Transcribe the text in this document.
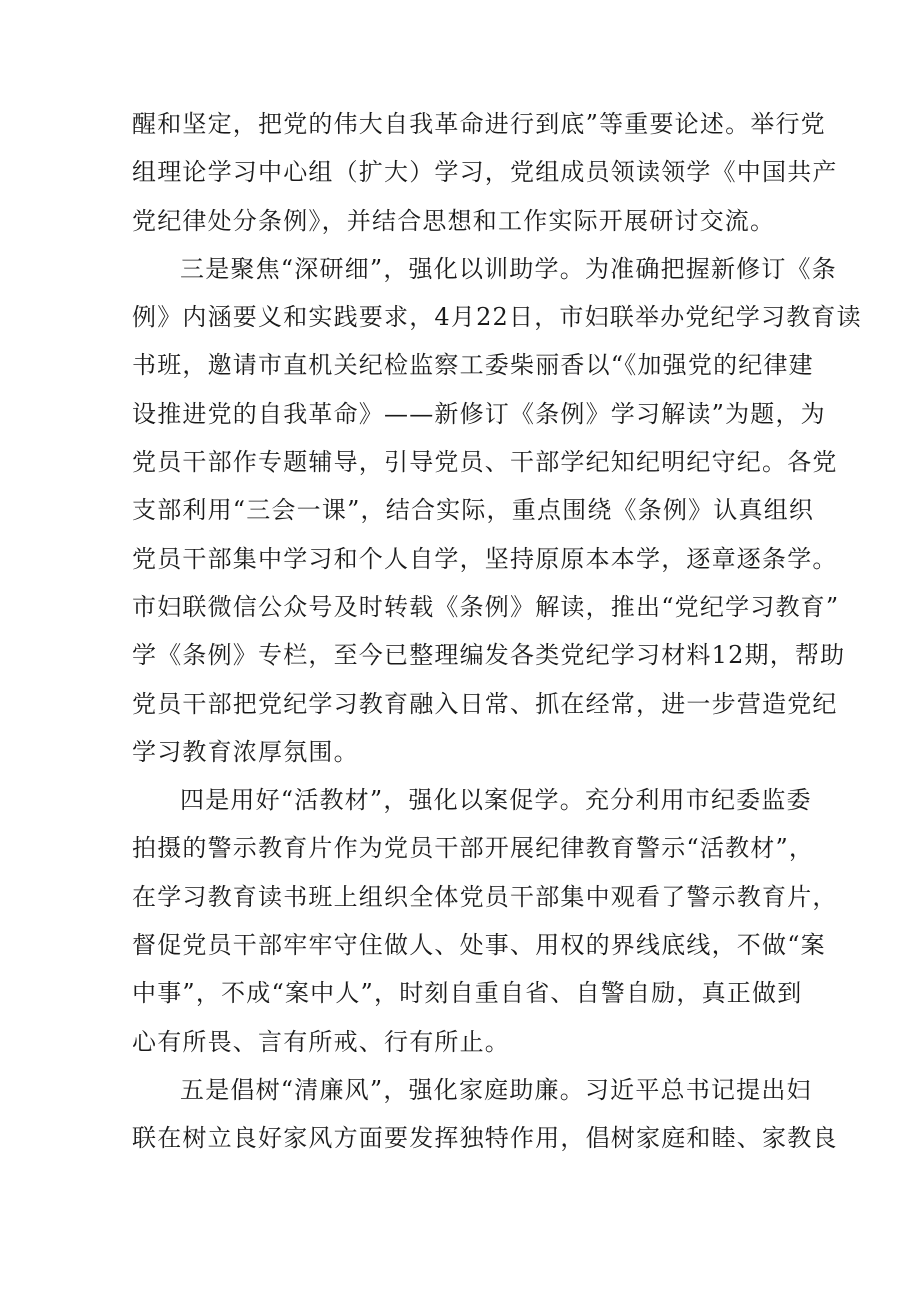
醒和坚定，把党的伟大自我革命进行到底”等重要论述。举行党
组理论学习中心组（扩大）学习，党组成员领读领学《中国共产
党纪律处分条例》，并结合思想和工作实际开展研讨交流。
三是聚焦“深研细”，强化以训助学。为准确把握新修订《条
例》内涵要义和实践要求，4月22日，市妇联举办党纪学习教育读
书班，邀请市直机关纪检监察工委柴丽香以“《加强党的纪律建
设推进党的自我革命》——新修订《条例》学习解读”为题，为
党员干部作专题辅导，引导党员、干部学纪知纪明纪守纪。各党
支部利用“三会一课”，结合实际，重点围绕《条例》认真组织
党员干部集中学习和个人自学，坚持原原本本学，逐章逐条学。
市妇联微信公众号及时转载《条例》解读，推出“党纪学习教育”
学《条例》专栏，至今已整理编发各类党纪学习材料12期，帮助
党员干部把党纪学习教育融入日常、抓在经常，进一步营造党纪
学习教育浓厚氛围。
四是用好“活教材”，强化以案促学。充分利用市纪委监委
拍摄的警示教育片作为党员干部开展纪律教育警示“活教材”，
在学习教育读书班上组织全体党员干部集中观看了警示教育片，
督促党员干部牢牢守住做人、处事、用权的界线底线，不做“案
中事”，不成“案中人”，时刻自重自省、自警自励，真正做到
心有所畏、言有所戒、行有所止。
五是倡树“清廉风”，强化家庭助廉。习近平总书记提出妇
联在树立良好家风方面要发挥独特作用，倡树家庭和睦、家教良
